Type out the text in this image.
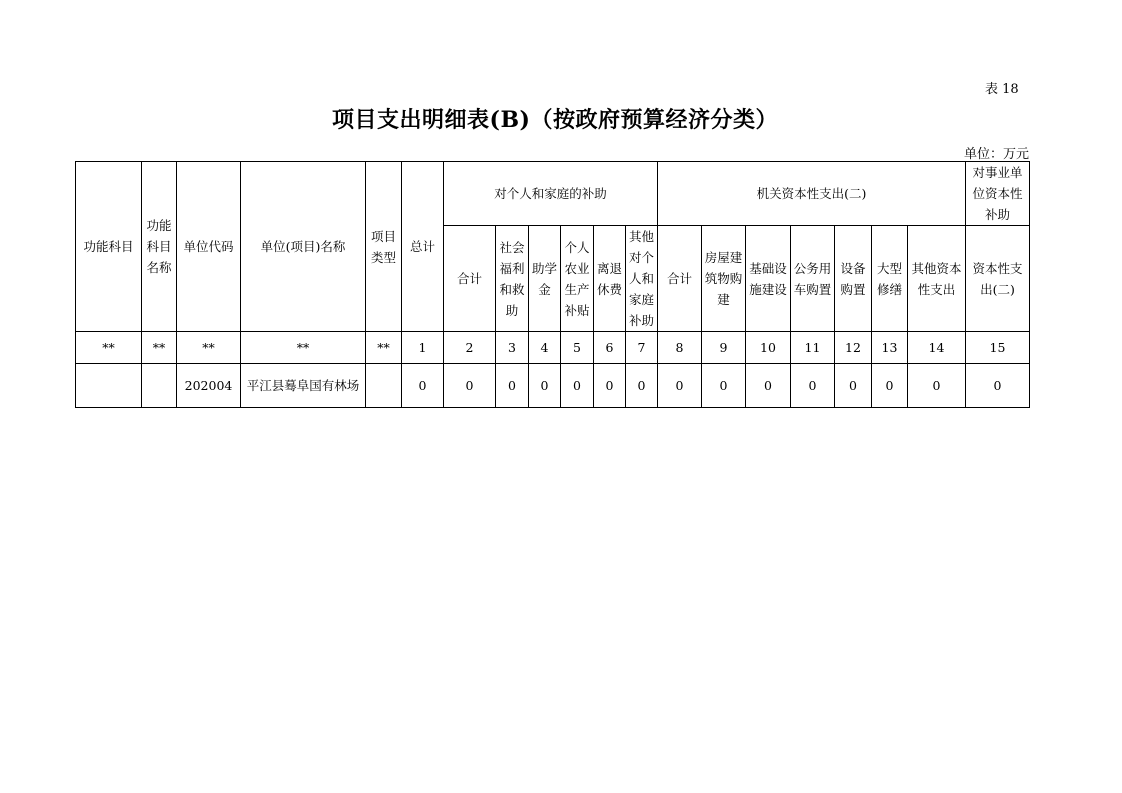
表 18
项目支出明细表(B)（按政府预算经济分类）
单位：万元
功能科目	功能科目名称	单位代码	单位(项目)名称	项目类型	总计	对个人和家庭的补助						机关资本性支出(二)							对事业单位资本性补助
						合计	社会福利和救助	助学金	个人农业生产补贴	离退休费	其他对个人和家庭补助	合计	房屋建筑物购建	基础设施建设	公务用车购置	设备购置	大型修缮	其他资本性支出	资本性支出(二)
**	**	**	**	**	1	2	3	4	5	6	7	8	9	10	11	12	13	14	15
		202004	平江县蓦阜国有林场		0	0	0	0	0	0	0	0	0	0	0	0	0	0	0
